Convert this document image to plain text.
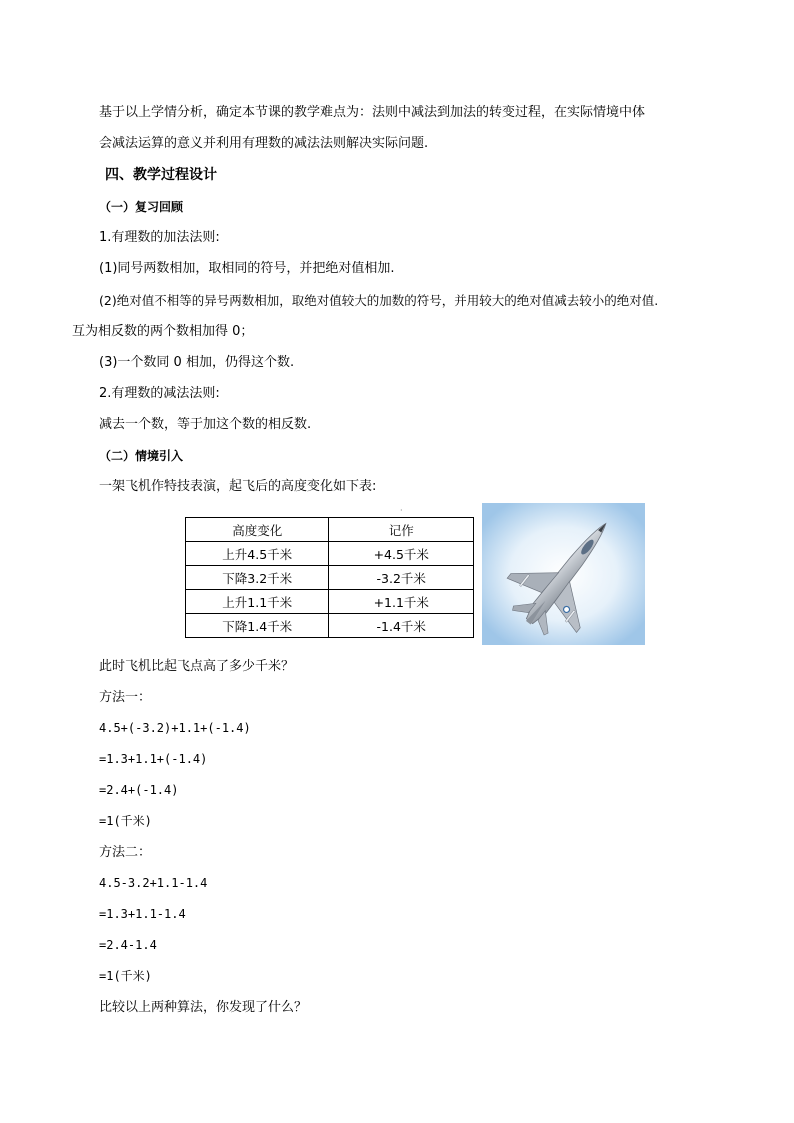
基于以上学情分析，确定本节课的教学难点为：法则中减法到加法的转变过程，在实际情境中体
会减法运算的意义并利用有理数的减法法则解决实际问题.
四、教学过程设计
（一）复习回顾
1.有理数的加法法则:
(1)同号两数相加，取相同的符号，并把绝对值相加.
(2)绝对值不相等的异号两数相加，取绝对值较大的加数的符号，并用较大的绝对值减去较小的绝对值.
互为相反数的两个数相加得 0；
(3)一个数同 0 相加，仍得这个数.
2.有理数的减法法则:
减去一个数，等于加这个数的相反数.
（二）情境引入
一架飞机作特技表演，起飞后的高度变化如下表:
·
高度变化	记作
上升4.5千米	+4.5千米
下降3.2千米	-3.2千米
上升1.1千米	+1.1千米
下降1.4千米	-1.4千米
此时飞机比起飞点高了多少千米？
方法一：
4.5+(-3.2)+1.1+(-1.4)
=1.3+1.1+(-1.4)
=2.4+(-1.4)
=1(千米)
方法二：
4.5-3.2+1.1-1.4
=1.3+1.1-1.4
=2.4-1.4
=1(千米)
比较以上两种算法，你发现了什么？
